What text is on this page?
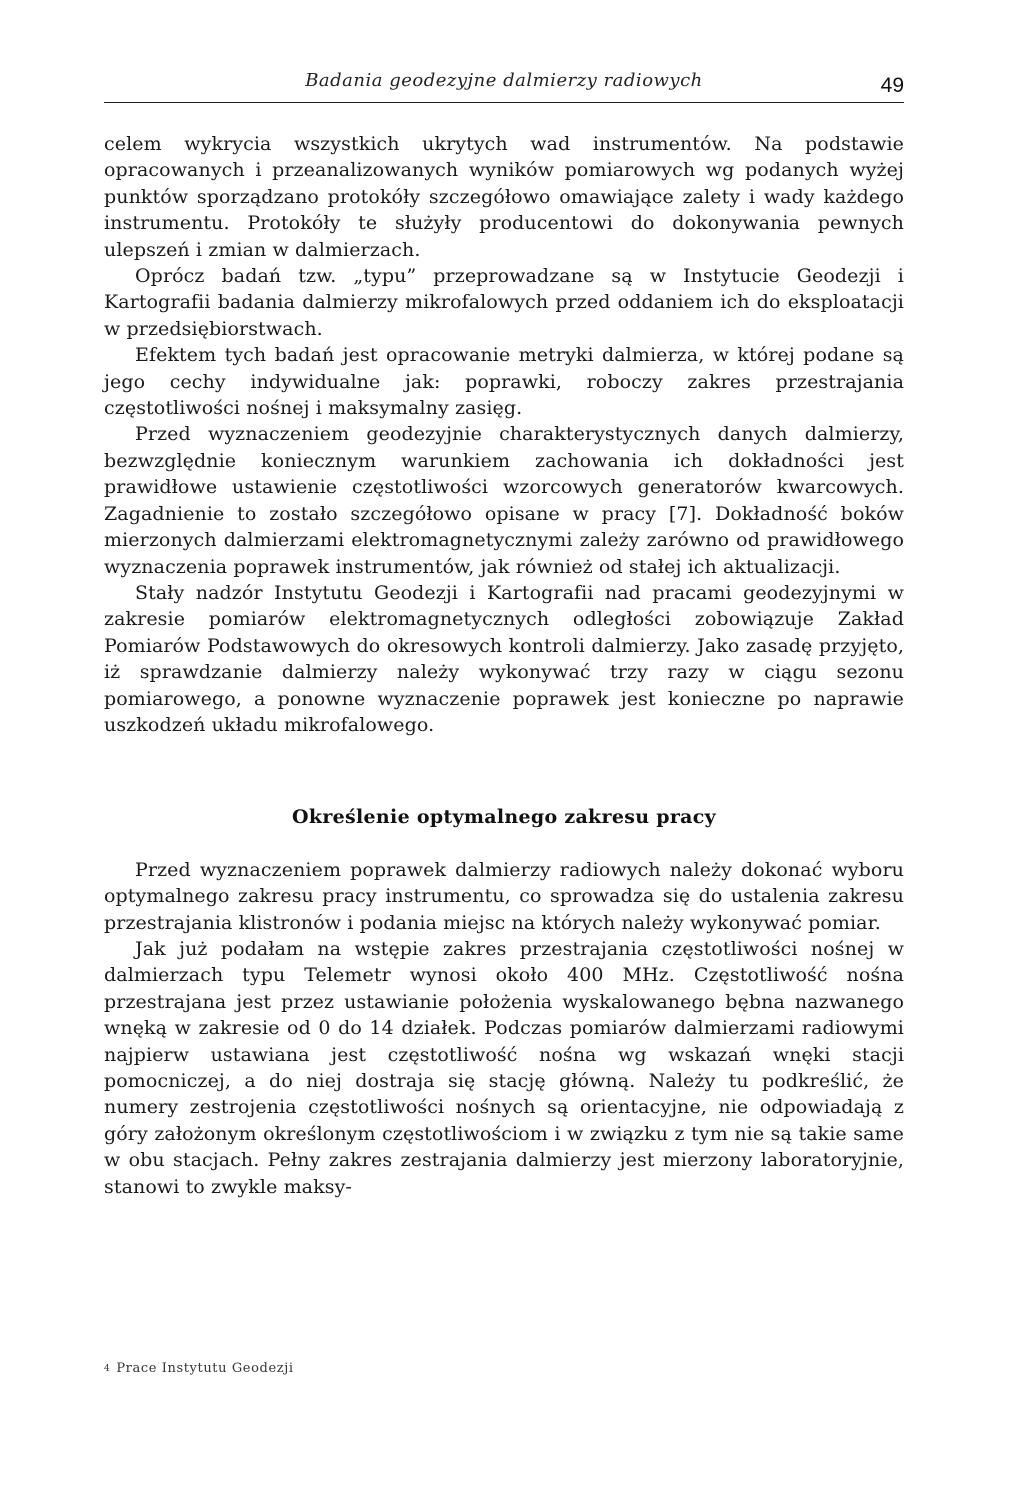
Badania geodezyjne dalmierzy radiowych	49

celem wykrycia wszystkich ukrytych wad instrumentów. Na podstawie opracowanych i przeanalizowanych wyników pomiarowych wg podanych wyżej punktów sporządzano protokóły szczegółowo omawiające zalety i wady każdego instrumentu. Protokóły te służyły producentowi do dokonywania pewnych ulepszeń i zmian w dalmierzach.

Oprócz badań tzw. „typu” przeprowadzane są w Instytucie Geodezji i Kartografii badania dalmierzy mikrofalowych przed oddaniem ich do eksploatacji w przedsiębiorstwach.

Efektem tych badań jest opracowanie metryki dalmierza, w której podane są jego cechy indywidualne jak: poprawki, roboczy zakres przestrajania częstotliwości nośnej i maksymalny zasięg.

Przed wyznaczeniem geodezyjnie charakterystycznych danych dalmierzy, bezwzględnie koniecznym warunkiem zachowania ich dokładności jest prawidłowe ustawienie częstotliwości wzorcowych generatorów kwarcowych. Zagadnienie to zostało szczegółowo opisane w pracy [7]. Dokładność boków mierzonych dalmierzami elektromagnetycznymi zależy zarówno od prawidłowego wyznaczenia poprawek instrumentów, jak również od stałej ich aktualizacji.

Stały nadzór Instytutu Geodezji i Kartografii nad pracami geodezyjnymi w zakresie pomiarów elektromagnetycznych odległości zobowiązuje Zakład Pomiarów Podstawowych do okresowych kontroli dalmierzy. Jako zasadę przyjęto, iż sprawdzanie dalmierzy należy wykonywać trzy razy w ciągu sezonu pomiarowego, a ponowne wyznaczenie poprawek jest konieczne po naprawie uszkodzeń układu mikrofalowego.

Określenie optymalnego zakresu pracy

Przed wyznaczeniem poprawek dalmierzy radiowych należy dokonać wyboru optymalnego zakresu pracy instrumentu, co sprowadza się do ustalenia zakresu przestrajania klistronów i podania miejsc na których należy wykonywać pomiar.

Jak już podałam na wstępie zakres przestrajania częstotliwości nośnej w dalmierzach typu Telemetr wynosi około 400 MHz. Częstotliwość nośna przestrajana jest przez ustawianie położenia wyskalowanego bębna nazwanego wnęką w zakresie od 0 do 14 działek. Podczas pomiarów dalmierzami radiowymi najpierw ustawiana jest częstotliwość nośna wg wskazań wnęki stacji pomocniczej, a do niej dostraja się stację główną. Należy tu podkreślić, że numery zestrojenia częstotliwości nośnych są orientacyjne, nie odpowiadają z góry założonym określonym częstotliwościom i w związku z tym nie są takie same w obu stacjach. Pełny zakres zestrajania dalmierzy jest mierzony laboratoryjnie, stanowi to zwykle maksy-

4 Prace Instytutu Geodezji
